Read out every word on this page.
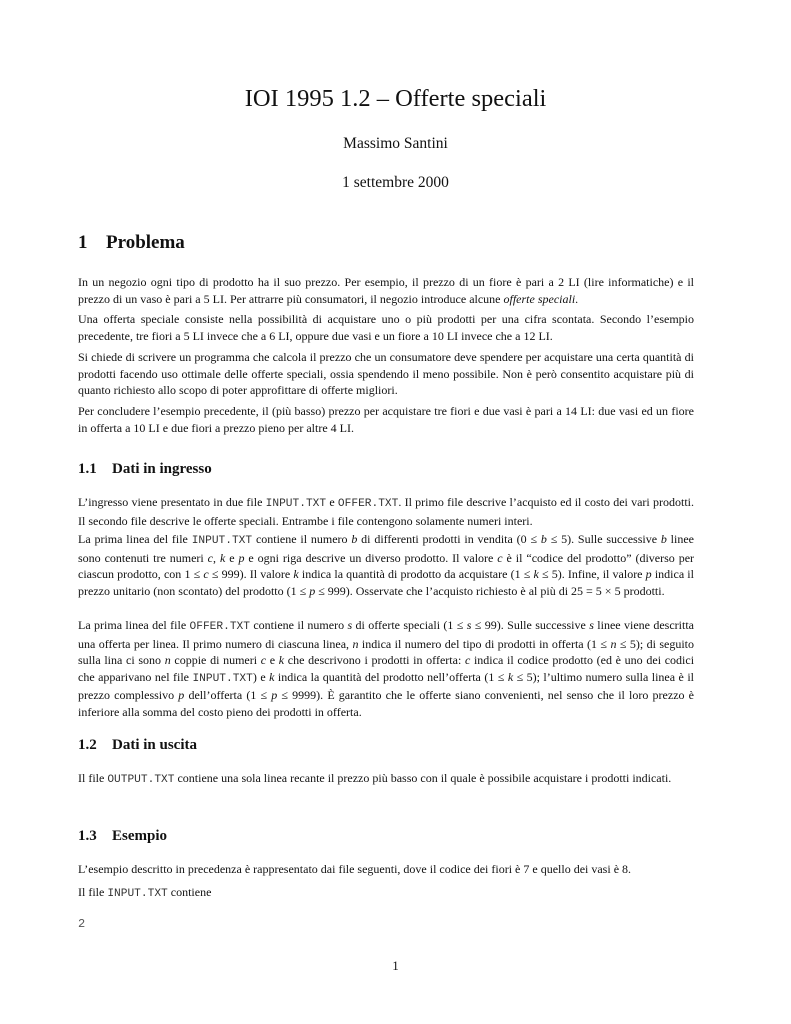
IOI 1995 1.2 – Offerte speciali
Massimo Santini
1 settembre 2000
1 Problema

In un negozio ogni tipo di prodotto ha il suo prezzo. Per esempio, il prezzo di un fiore è pari a 2 LI (lire informatiche) e il prezzo di un vaso è pari a 5 LI. Per attrarre più consumatori, il negozio introduce alcune offerte speciali.

Una offerta speciale consiste nella possibilità di acquistare uno o più prodotti per una cifra scontata. Secondo l’esempio precedente, tre fiori a 5 LI invece che a 6 LI, oppure due vasi e un fiore a 10 LI invece che a 12 LI.

Si chiede di scrivere un programma che calcola il prezzo che un consumatore deve spendere per acquistare una certa quantità di prodotti facendo uso ottimale delle offerte speciali, ossia spendendo il meno possibile. Non è però consentito acquistare più di quanto richiesto allo scopo di poter approfittare di offerte migliori.

Per concludere l’esempio precedente, il (più basso) prezzo per acquistare tre fiori e due vasi è pari a 14 LI: due vasi ed un fiore in offerta a 10 LI e due fiori a prezzo pieno per altre 4 LI.

1.1 Dati in ingresso

L’ingresso viene presentato in due file INPUT.TXT e OFFER.TXT. Il primo file descrive l’acquisto ed il costo dei vari prodotti. Il secondo file descrive le offerte speciali. Entrambe i file contengono solamente numeri interi.

La prima linea del file INPUT.TXT contiene il numero b di differenti prodotti in vendita (0 ≤ b ≤ 5). Sulle successive b linee sono contenuti tre numeri c, k e p e ogni riga descrive un diverso prodotto. Il valore c è il “codice del prodotto” (diverso per ciascun prodotto, con 1 ≤ c ≤ 999). Il valore k indica la quantità di prodotto da acquistare (1 ≤ k ≤ 5). Infine, il valore p indica il prezzo unitario (non scontato) del prodotto (1 ≤ p ≤ 999). Osservate che l’acquisto richiesto è al più di 25 = 5 × 5 prodotti.

La prima linea del file OFFER.TXT contiene il numero s di offerte speciali (1 ≤ s ≤ 99). Sulle successive s linee viene descritta una offerta per linea. Il primo numero di ciascuna linea, n indica il numero del tipo di prodotti in offerta (1 ≤ n ≤ 5); di seguito sulla lina ci sono n coppie di numeri c e k che descrivono i prodotti in offerta: c indica il codice prodotto (ed è uno dei codici che apparivano nel file INPUT.TXT) e k indica la quantità del prodotto nell’offerta (1 ≤ k ≤ 5); l’ultimo numero sulla linea è il prezzo complessivo p dell’offerta (1 ≤ p ≤ 9999). È garantito che le offerte siano convenienti, nel senso che il loro prezzo è inferiore alla somma del costo pieno dei prodotti in offerta.

1.2 Dati in uscita

Il file OUTPUT.TXT contiene una sola linea recante il prezzo più basso con il quale è possibile acquistare i prodotti indicati.

1.3 Esempio

L’esempio descritto in precedenza è rappresentato dai file seguenti, dove il codice dei fiori è 7 e quello dei vasi è 8.

Il file INPUT.TXT contiene

2
1
